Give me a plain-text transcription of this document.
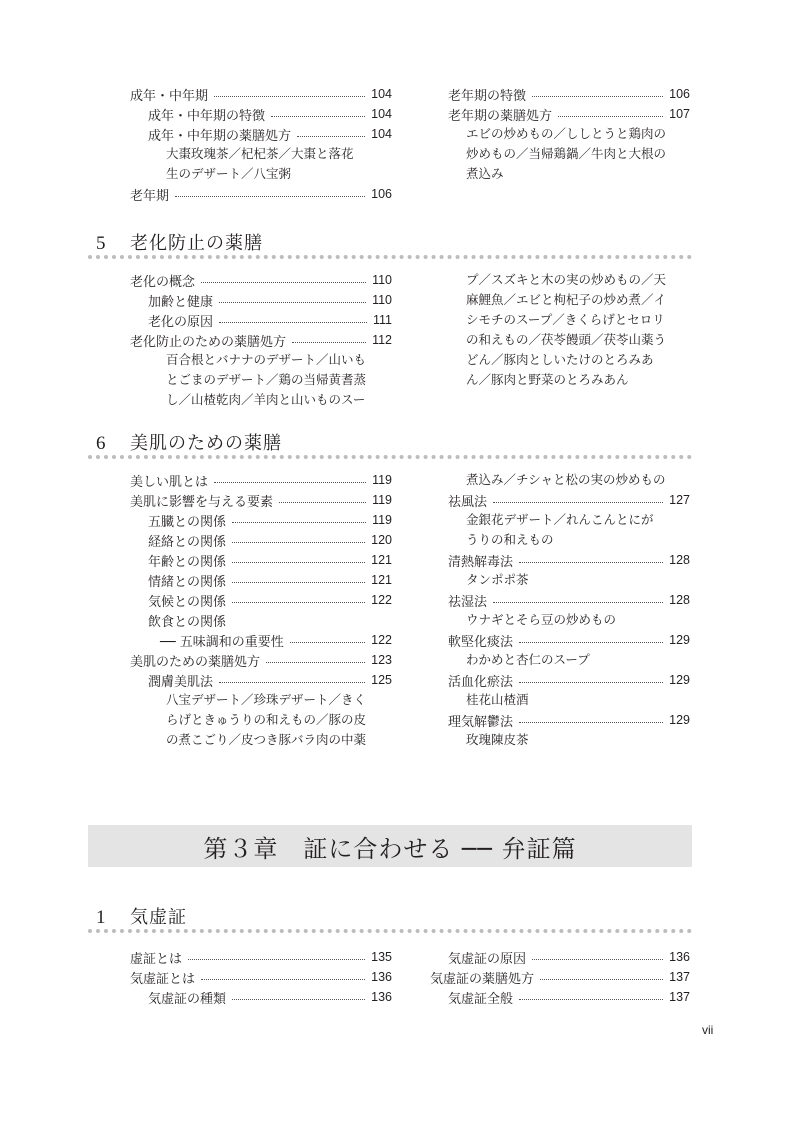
成年・中年期	104
成年・中年期の特徴	104
成年・中年期の薬膳処方	104
大棗玫瑰茶／杞杞茶／大棗と落花
生のデザート／八宝粥
老年期	106
老年期の特徴	106
老年期の薬膳処方	107
エビの炒めもの／ししとうと鶏肉の
炒めもの／当帰鶏鍋／牛肉と大根の
煮込み
5 老化防止の薬膳
老化の概念	110
加齢と健康	110
老化の原因	111
老化防止のための薬膳処方	112
百合根とバナナのデザート／山いも
とごまのデザート／鶏の当帰黄耆蒸
し／山楂乾肉／羊肉と山いものスー
プ／スズキと木の実の炒めもの／天
麻鯉魚／エビと枸杞子の炒め煮／イ
シモチのスープ／きくらげとセロリ
の和えもの／茯苓饅頭／茯苓山薬う
どん／豚肉としいたけのとろみあ
ん／豚肉と野菜のとろみあん
6 美肌のための薬膳
美しい肌とは	119
美肌に影響を与える要素	119
五臓との関係	119
経絡との関係	120
年齢との関係	121
情緒との関係	121
気候との関係	122
飲食との関係
── 五味調和の重要性	122
美肌のための薬膳処方	123
潤膚美肌法	125
八宝デザート／珍珠デザート／きく
らげときゅうりの和えもの／豚の皮
の煮こごり／皮つき豚バラ肉の中薬
煮込み／チシャと松の実の炒めもの
祛風法	127
金銀花デザート／れんこんとにが
うりの和えもの
清熱解毒法	128
タンポポ茶
祛湿法	128
ウナギとそら豆の炒めもの
軟堅化痰法	129
わかめと杏仁のスープ
活血化瘀法	129
桂花山楂酒
理気解鬱法	129
玫瑰陳皮茶
第３章　証に合わせる ── 弁証篇
1 気虚証
虚証とは	135
気虚証とは	136
気虚証の種類	136
気虚証の原因	136
気虚証の薬膳処方	137
気虚証全般	137
vii
